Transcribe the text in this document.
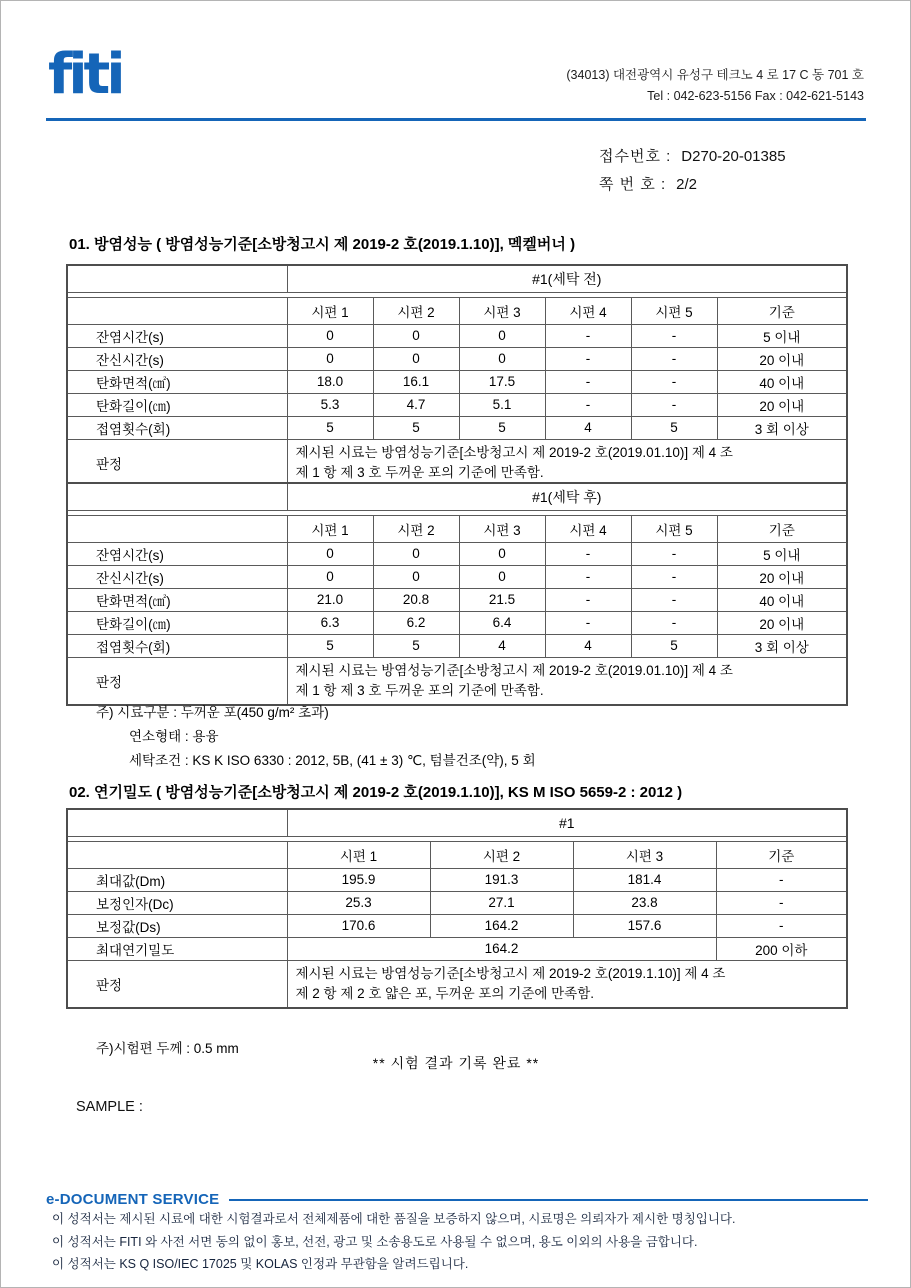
fiti	(34013) 대전광역시 유성구 테크노 4 로 17 C 동 701 호
Tel : 042-623-5156 Fax : 042-621-5143
접수번호 : D270-20-01385
쪽 번 호 : 2/2
01. 방염성능 ( 방염성능기준[소방청고시 제 2019-2 호(2019.1.10)], 멕켈버너 )
	#1(세탁 전)					

	시편 1	시편 2	시편 3	시편 4	시편 5	기준
잔염시간(s)	0	0	0	-	-	5 이내
잔신시간(s)	0	0	0	-	-	20 이내
탄화면적(㎠)	18.0	16.1	17.5	-	-	40 이내
탄화길이(㎝)	5.3	4.7	5.1	-	-	20 이내
접염횟수(회)	5	5	5	4	5	3 회 이상
판정	제시된 시료는 방염성능기준[소방청고시 제 2019-2 호(2019.01.10)] 제 4 조
제 1 항 제 3 호 두꺼운 포의 기준에 만족함.					
	#1(세탁 후)					

	시편 1	시편 2	시편 3	시편 4	시편 5	기준
잔염시간(s)	0	0	0	-	-	5 이내
잔신시간(s)	0	0	0	-	-	20 이내
탄화면적(㎠)	21.0	20.8	21.5	-	-	40 이내
탄화길이(㎝)	6.3	6.2	6.4	-	-	20 이내
접염횟수(회)	5	5	4	4	5	3 회 이상
판정	제시된 시료는 방염성능기준[소방청고시 제 2019-2 호(2019.01.10)] 제 4 조
제 1 항 제 3 호 두꺼운 포의 기준에 만족함.					
주) 시료구분 : 두꺼운 포(450 g/m² 초과)
연소형태 : 용융
세탁조건 : KS K ISO 6330 : 2012, 5B, (41 ± 3) ℃, 텀블건조(약), 5 회
02. 연기밀도 ( 방염성능기준[소방청고시 제 2019-2 호(2019.1.10)], KS M ISO 5659-2 : 2012 )
	#1			

	시편 1	시편 2	시편 3	기준
최대값(Dm)	195.9	191.3	181.4	-
보정인자(Dc)	25.3	27.1	23.8	-
보정값(Ds)	170.6	164.2	157.6	-
최대연기밀도	164.2			200 이하
판정	제시된 시료는 방염성능기준[소방청고시 제 2019-2 호(2019.1.10)] 제 4 조
제 2 항 제 2 호 얇은 포, 두꺼운 포의 기준에 만족함.			
주)시험편 두께 : 0.5 mm
** 시험 결과 기록 완료 **
SAMPLE :
e-DOCUMENT SERVICE
이 성적서는 제시된 시료에 대한 시험결과로서 전체제품에 대한 품질을 보증하지 않으며, 시료명은 의뢰자가 제시한 명칭입니다.
이 성적서는 FITI 와 사전 서면 동의 없이 홍보, 선전, 광고 및 소송용도로 사용될 수 없으며, 용도 이외의 사용을 금합니다.
이 성적서는 KS Q ISO/IEC 17025 및 KOLAS 인정과 무관함을 알려드립니다.
